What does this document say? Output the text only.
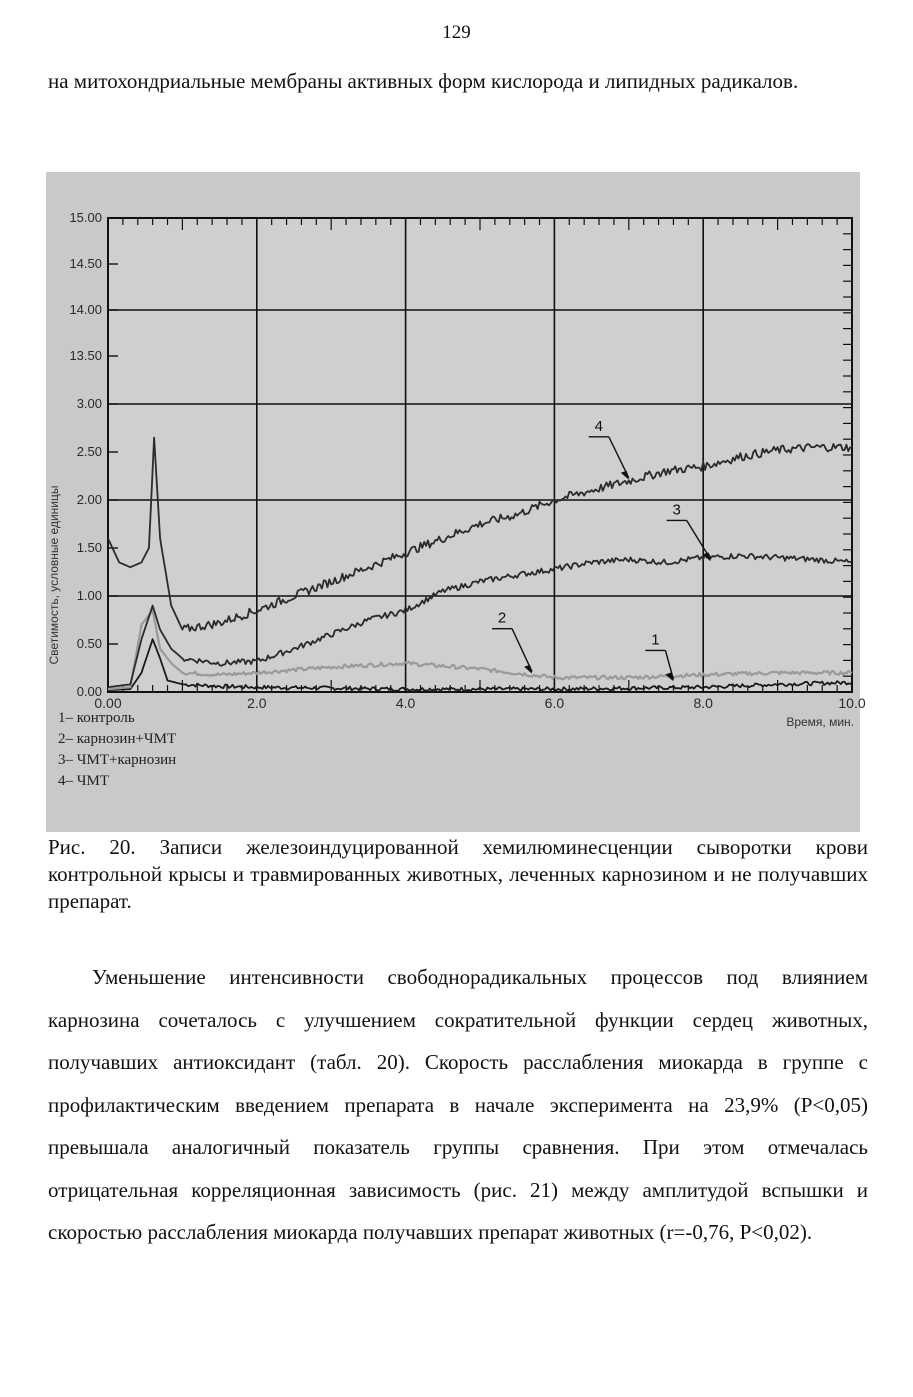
129
на митохондриальные мембраны активных форм кислорода и липидных радикалов.
0.00
0.50
1.00
1.50
2.00
2.50
3.00
13.50
14.00
14.50
15.00
0.00	2.0	4.0	6.0	8.0	10.0
Время, мин.
Светимость, условные единицы	1
2
3
4
1– контроль
2– карнозин+ЧМТ
3– ЧМТ+карнозин
4– ЧМТ
Рис. 20. Записи железоиндуцированной хемилюминесценции сыворотки крови контрольной крысы и травмированных животных, леченных карнозином и не получавших препарат.
Уменьшение интенсивности свободнорадикальных процессов под влиянием карнозина сочеталось с улучшением сократительной функции сердец животных, получавших антиоксидант (табл. 20). Скорость расслабления миокарда в группе с профилактическим введением препарата в начале эксперимента на 23,9% (P<0,05) превышала аналогичный показатель группы сравнения. При этом отмечалась отрицательная корреляционная зависимость (рис. 21) между амплитудой вспышки и скоростью расслабления миокарда получавших препарат животных (r=-0,76, P<0,02).
